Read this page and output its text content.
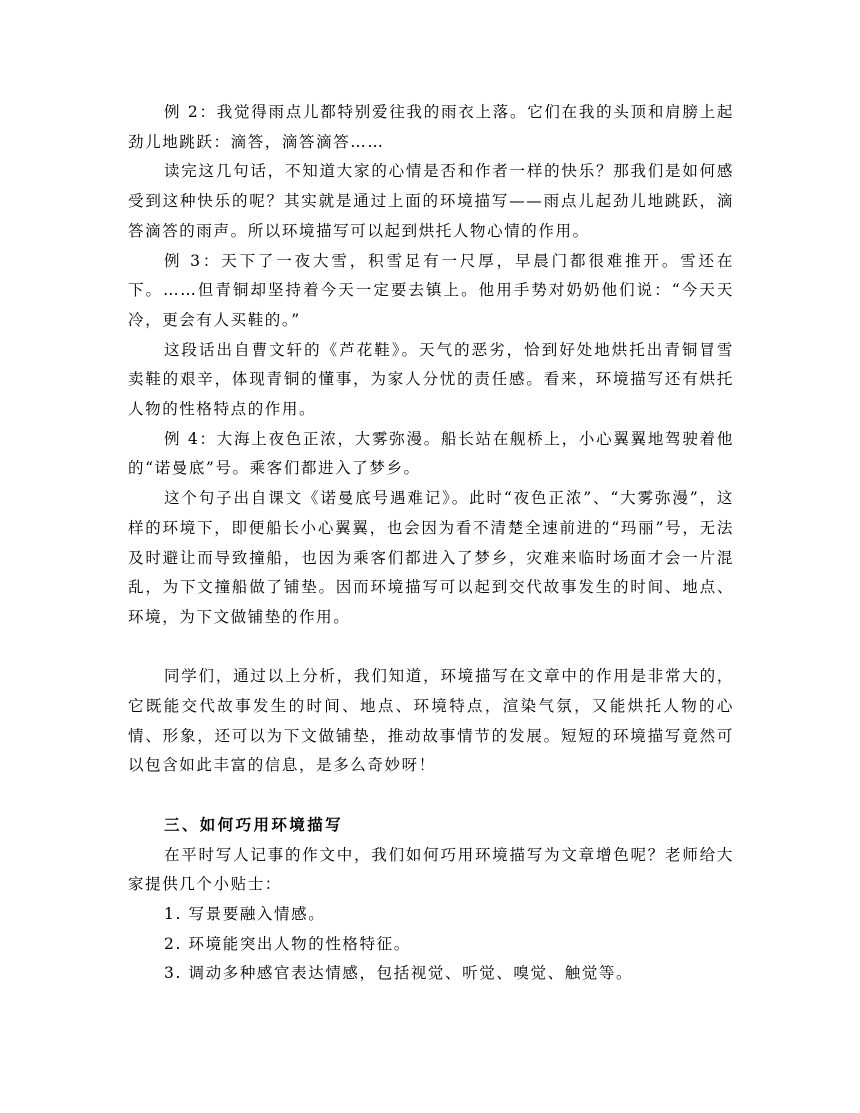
例 2：我觉得雨点儿都特别爱往我的雨衣上落。它们在我的头顶和肩膀上起劲儿地跳跃：滴答，滴答滴答……

读完这几句话，不知道大家的心情是否和作者一样的快乐？那我们是如何感受到这种快乐的呢？其实就是通过上面的环境描写——雨点儿起劲儿地跳跃，滴答滴答的雨声。所以环境描写可以起到烘托人物心情的作用。

例 3：天下了一夜大雪，积雪足有一尺厚，早晨门都很难推开。雪还在下。……但青铜却坚持着今天一定要去镇上。他用手势对奶奶他们说：“今天天冷，更会有人买鞋的。”

这段话出自曹文轩的《芦花鞋》。天气的恶劣，恰到好处地烘托出青铜冒雪卖鞋的艰辛，体现青铜的懂事，为家人分忧的责任感。看来，环境描写还有烘托人物的性格特点的作用。

例 4：大海上夜色正浓，大雾弥漫。船长站在舰桥上，小心翼翼地驾驶着他的“诺曼底”号。乘客们都进入了梦乡。

这个句子出自课文《诺曼底号遇难记》。此时“夜色正浓”、“大雾弥漫”，这样的环境下，即便船长小心翼翼，也会因为看不清楚全速前进的“玛丽”号，无法及时避让而导致撞船，也因为乘客们都进入了梦乡，灾难来临时场面才会一片混乱，为下文撞船做了铺垫。因而环境描写可以起到交代故事发生的时间、地点、环境，为下文做铺垫的作用。

同学们，通过以上分析，我们知道，环境描写在文章中的作用是非常大的，它既能交代故事发生的时间、地点、环境特点，渲染气氛，又能烘托人物的心情、形象，还可以为下文做铺垫，推动故事情节的发展。短短的环境描写竟然可以包含如此丰富的信息，是多么奇妙呀！

三、如何巧用环境描写

在平时写人记事的作文中，我们如何巧用环境描写为文章增色呢？老师给大家提供几个小贴士：

1. 写景要融入情感。

2. 环境能突出人物的性格特征。

3. 调动多种感官表达情感，包括视觉、听觉、嗅觉、触觉等。
